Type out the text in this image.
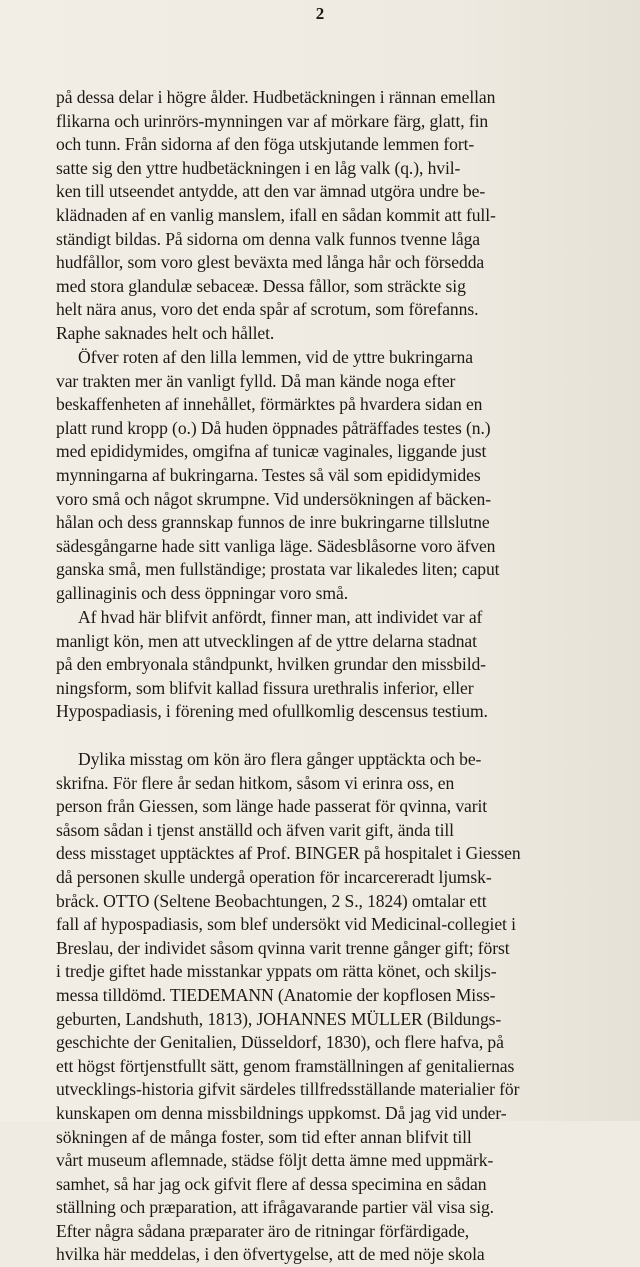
2
på dessa delar i högre ålder. Hudbetäckningen i rännan emellan
flikarna och urinrörs-mynningen var af mörkare färg, glatt, fin
och tunn. Från sidorna af den föga utskjutande lemmen fort-
satte sig den yttre hudbetäckningen i en låg valk (q.), hvil-
ken till utseendet antydde, att den var ämnad utgöra undre be-
klädnaden af en vanlig manslem, ifall en sådan kommit att full-
ständigt bildas. På sidorna om denna valk funnos tvenne låga
hudfållor, som voro glest beväxta med långa hår och försedda
med stora glandulæ sebaceæ. Dessa fållor, som sträckte sig
helt nära anus, voro det enda spår af scrotum, som förefanns.
Raphe saknades helt och hållet.
Öfver roten af den lilla lemmen, vid de yttre bukringarna
var trakten mer än vanligt fylld. Då man kände noga efter
beskaffenheten af innehållet, förmärktes på hvardera sidan en
platt rund kropp (o.) Då huden öppnades påträffades testes (n.)
med epididymides, omgifna af tunicæ vaginales, liggande just
mynningarna af bukringarna. Testes så väl som epididymides
voro små och något skrumpne. Vid undersökningen af bäcken-
hålan och dess grannskap funnos de inre bukringarne tillslutne
sädesgångarne hade sitt vanliga läge. Sädesblåsorne voro äfven
ganska små, men fullständige; prostata var likaledes liten; caput
gallinaginis och dess öppningar voro små.
Af hvad här blifvit anfördt, finner man, att individet var af
manligt kön, men att utvecklingen af de yttre delarna stadnat
på den embryonala ståndpunkt, hvilken grundar den missbild-
ningsform, som blifvit kallad fissura urethralis inferior, eller
Hypospadiasis, i förening med ofullkomlig descensus testium.
Dylika misstag om kön äro flera gånger upptäckta och be-
skrifna. För flere år sedan hitkom, såsom vi erinra oss, en
person från Giessen, som länge hade passerat för qvinna, varit
såsom sådan i tjenst anställd och äfven varit gift, ända till
dess misstaget upptäcktes af Prof. BINGER på hospitalet i Giessen
då personen skulle undergå operation för incarcereradt ljumsk-
bråck. OTTO (Seltene Beobachtungen, 2 S., 1824) omtalar ett
fall af hypospadiasis, som blef undersökt vid Medicinal-collegiet i
Breslau, der individet såsom qvinna varit trenne gånger gift; först
i tredje giftet hade misstankar yppats om rätta könet, och skiljs-
messa tilldömd. TIEDEMANN (Anatomie der kopflosen Miss-
geburten, Landshuth, 1813), JOHANNES MÜLLER (Bildungs-
geschichte der Genitalien, Düsseldorf, 1830), och flere hafva, på
ett högst förtjenstfullt sätt, genom framställningen af genitaliernas
utvecklings-historia gifvit särdeles tillfredsställande materialier för
kunskapen om denna missbildnings uppkomst. Då jag vid under-
sökningen af de många foster, som tid efter annan blifvit till
vårt museum aflemnade, städse följt detta ämne med uppmärk-
samhet, så har jag ock gifvit flere af dessa specimina en sådan
ställning och præparation, att ifrågavarande partier väl visa sig.
Efter några sådana præparater äro de ritningar förfärdigade,
hvilka här meddelas, i den öfvertygelse, att de med nöje skola
